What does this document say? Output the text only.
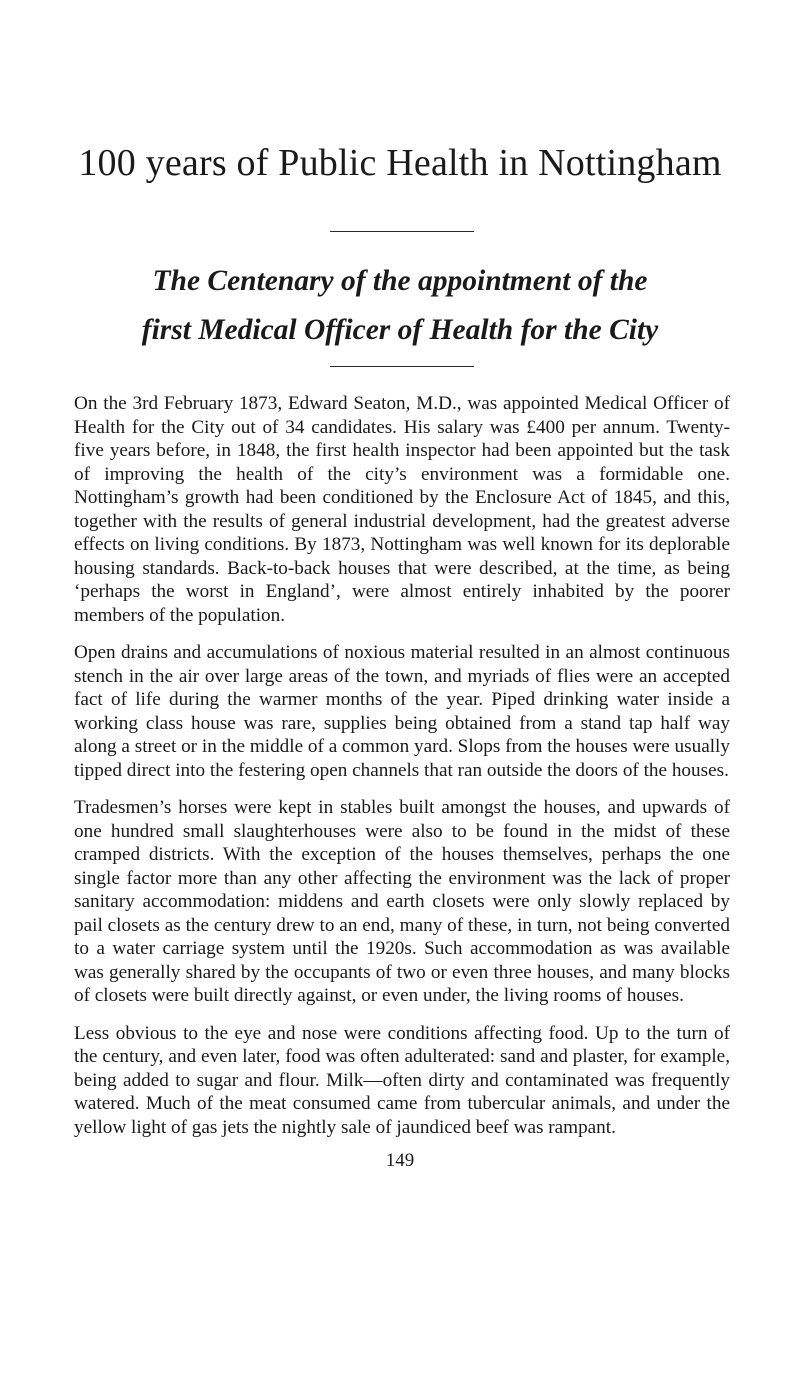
100 years of Public Health in Nottingham
The Centenary of the appointment of the
first Medical Officer of Health for the City

On the 3rd February 1873, Edward Seaton, M.D., was appointed Medical Officer of Health for the City out of 34 candidates. His salary was £400 per annum. Twenty-five years before, in 1848, the first health inspector had been appointed but the task of improving the health of the city’s environment was a formidable one. Nottingham’s growth had been conditioned by the Enclosure Act of 1845, and this, together with the results of general industrial development, had the greatest adverse effects on living conditions. By 1873, Nottingham was well known for its deplorable housing standards. Back-to-back houses that were described, at the time, as being ‘perhaps the worst in England’, were almost entirely inhabited by the poorer members of the population.

Open drains and accumulations of noxious material resulted in an almost continuous stench in the air over large areas of the town, and myriads of flies were an accepted fact of life during the warmer months of the year. Piped drinking water inside a working class house was rare, supplies being obtained from a stand tap half way along a street or in the middle of a common yard. Slops from the houses were usually tipped direct into the festering open channels that ran outside the doors of the houses.

Tradesmen’s horses were kept in stables built amongst the houses, and upwards of one hundred small slaughterhouses were also to be found in the midst of these cramped districts. With the exception of the houses themselves, perhaps the one single factor more than any other affecting the environment was the lack of proper sanitary accommodation: middens and earth closets were only slowly replaced by pail closets as the century drew to an end, many of these, in turn, not being converted to a water carriage system until the 1920s. Such accommodation as was available was generally shared by the occupants of two or even three houses, and many blocks of closets were built directly against, or even under, the living rooms of houses.

Less obvious to the eye and nose were conditions affecting food. Up to the turn of the century, and even later, food was often adulterated: sand and plaster, for example, being added to sugar and flour. Milk—often dirty and contaminated was frequently watered. Much of the meat consumed came from tubercular animals, and under the yellow light of gas jets the nightly sale of jaundiced beef was rampant.

149
